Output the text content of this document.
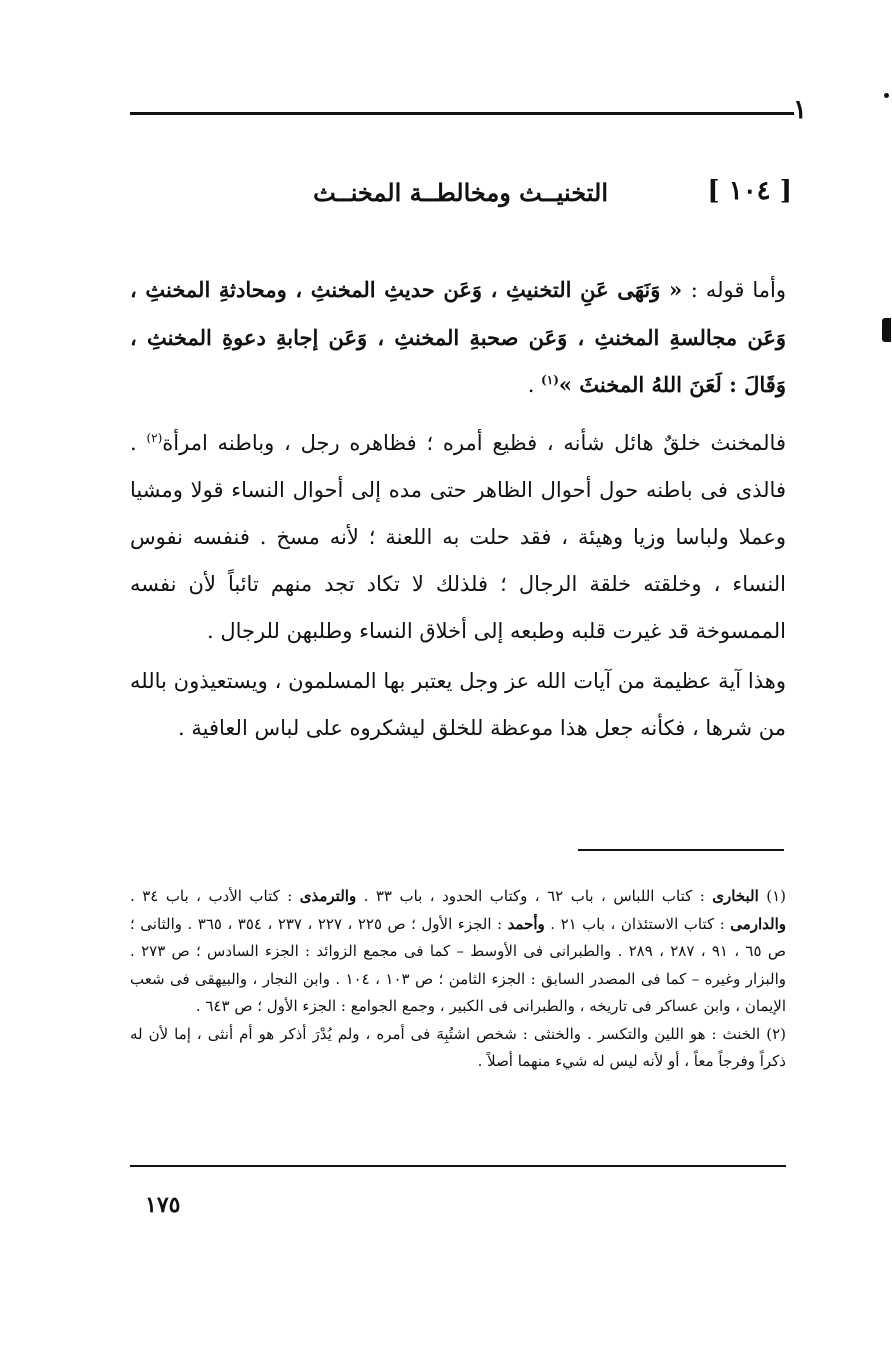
١
[ ١٠٤ ]
التخنيــث ومخالطــة المخنــث
وأما قوله : « وَنَهَى عَنِ التخنيثِ ، وَعَن حديثِ المخنثِ ، ومحادثةِ المخنثِ ، وَعَن مجالسةِ المخنثِ ، وَعَن صحبةِ المخنثِ ، وَعَن إجابةِ دعوةِ المخنثِ ، وَقَالَ : لَعَنَ اللهُ المخنثَ »$^{(١)}$ .
فالمخنث خلقٌ هائل شأنه ، فظيع أمره ؛ فظاهره رجل ، وباطنه امرأة$^{(٢)}$ . فالذى فى باطنه حول أحوال الظاهر حتى مده إلى أحوال النساء قولا ومشيا وعملا ولباسا وزيا وهيئة ، فقد حلت به اللعنة ؛ لأنه مسخ . فنفسه نفوس النساء ، وخلقته خلقة الرجال ؛ فلذلك لا تكاد تجد منهم تائباً لأن نفسه الممسوخة قد غيرت قلبه وطبعه إلى أخلاق النساء وطلبهن للرجال .
وهذا آية عظيمة من آيات الله عز وجل يعتبر بها المسلمون ، ويستعيذون بالله من شرها ، فكأنه جعل هذا موعظة للخلق ليشكروه على لباس العافية .

(١) البخارى : كتاب اللباس ، باب ٦٢ ، وكتاب الحدود ، باب ٣٣ . والترمذى : كتاب الأدب ، باب ٣٤ . والدارمى : كتاب الاستئذان ، باب ٢١ . وأحمد : الجزء الأول ؛ ص ٢٢٥ ، ٢٢٧ ، ٢٣٧ ، ٣٥٤ ، ٣٦٥ . والثانى ؛ ص ٦٥ ، ٩١ ، ٢٨٧ ، ٢٨٩ . والطبرانى فى الأوسط – كما فى مجمع الزوائد : الجزء السادس ؛ ص ٢٧٣ . والبزار وغيره – كما فى المصدر السابق : الجزء الثامن ؛ ص ١٠٣ ، ١٠٤ . وابن النجار ، والبيهقى فى شعب الإيمان ، وابن عساكر فى تاريخه ، والطبرانى فى الكبير ، وجمع الجوامع : الجزء الأول ؛ ص ٦٤٣ .

(٢) الخنث : هو اللين والتكسر . والخنثى : شخص اشتُبِهَ فى أمره ، ولم يُدْرَ أذكر هو أم أنثى ، إما لأن له ذكراً وفرجاً معاً ، أو لأنه ليس له شيء منهما أصلاً .

١٧٥
